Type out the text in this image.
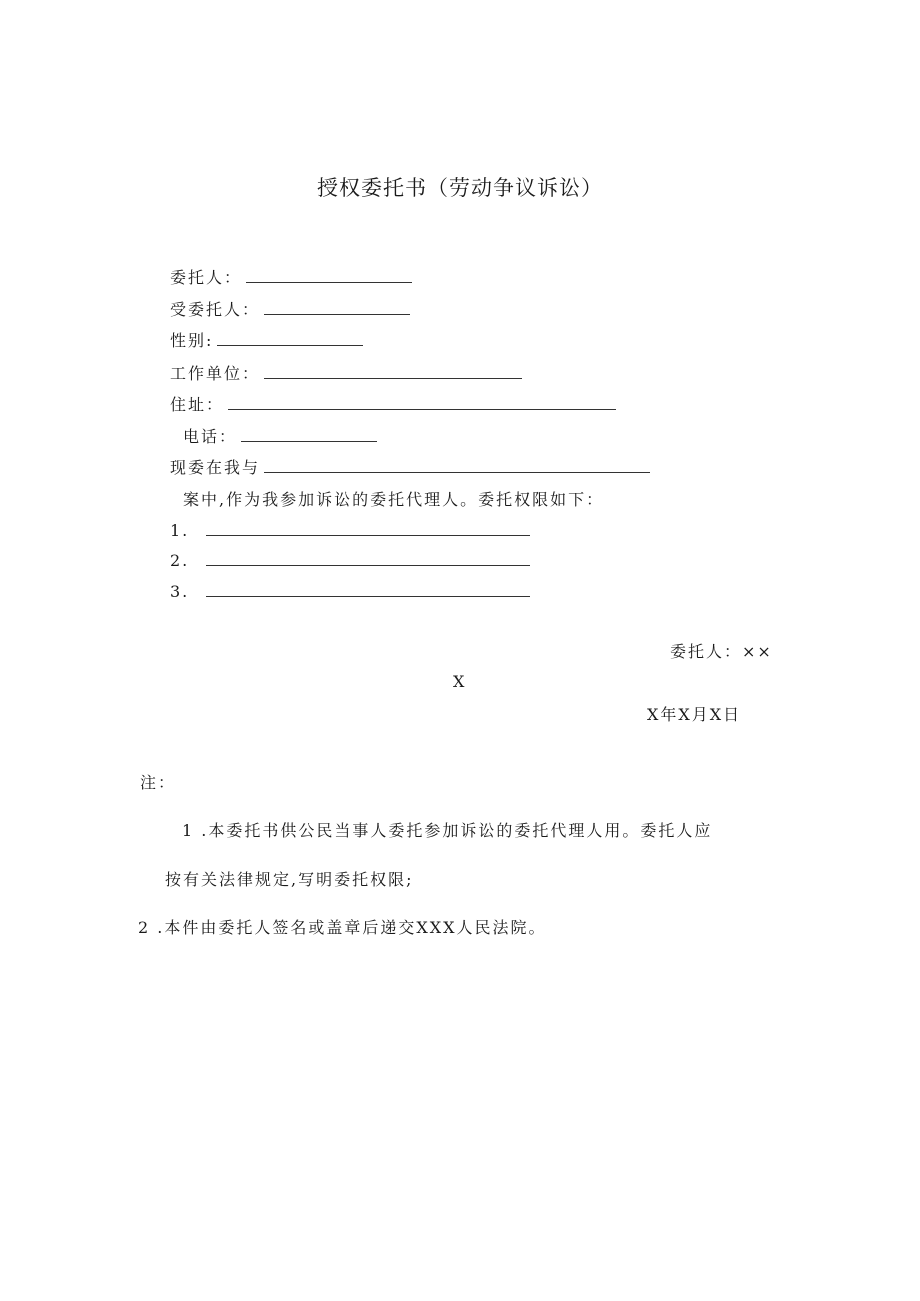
授权委托书（劳动争议诉讼）
委托人：
受委托人：
性别:
工作单位：
住址：
电话：
现委在我与
案中,作为我参加诉讼的委托代理人。委托权限如下：
1.
2.
3.
委托人：××
X
X年X月X日
注：
1 .本委托书供公民当事人委托参加诉讼的委托代理人用。委托人应
按有关法律规定,写明委托权限;
2 .本件由委托人签名或盖章后递交XXX人民法院。
